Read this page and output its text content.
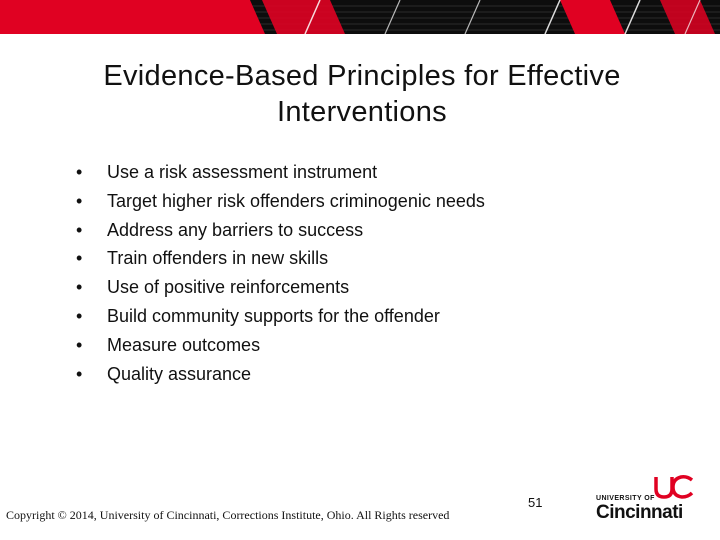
Evidence-Based Principles for Effective
Interventions
• Use a risk assessment instrument
• Target higher risk offenders criminogenic needs
• Address any barriers to success
• Train offenders in new skills
• Use of positive reinforcements
• Build community supports for the offender
• Measure outcomes
• Quality assurance
Copyright © 2014, University of Cincinnati, Corrections Institute, Ohio. All Rights reserved
51	UNIVERSITY OF
Cincinnati
